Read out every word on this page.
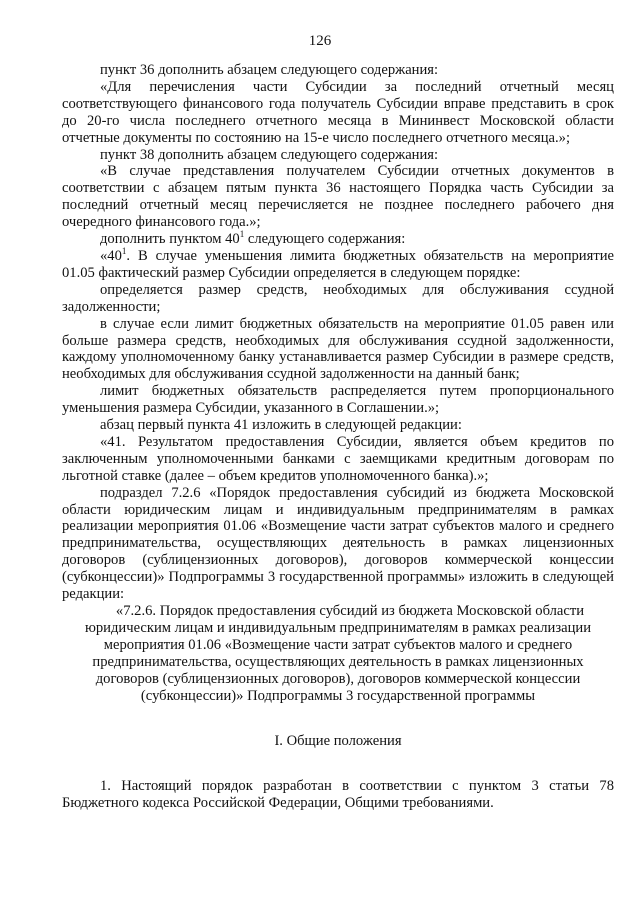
126

пункт 36 дополнить абзацем следующего содержания:

«Для перечисления части Субсидии за последний отчетный месяц соответствующего финансового года получатель Субсидии вправе представить в срок до 20-го числа последнего отчетного месяца в Мининвест Московской области отчетные документы по состоянию на 15-е число последнего отчетного месяца.»;

пункт 38 дополнить абзацем следующего содержания:

«В случае представления получателем Субсидии отчетных документов в соответствии с абзацем пятым пункта 36 настоящего Порядка часть Субсидии за последний отчетный месяц перечисляется не позднее последнего рабочего дня очередного финансового года.»;

дополнить пунктом $40^1$ следующего содержания:

«$40^1$. В случае уменьшения лимита бюджетных обязательств на мероприятие 01.05 фактический размер Субсидии определяется в следующем порядке:

определяется размер средств, необходимых для обслуживания ссудной задолженности;

в случае если лимит бюджетных обязательств на мероприятие 01.05 равен или больше размера средств, необходимых для обслуживания ссудной задолженности, каждому уполномоченному банку устанавливается размер Субсидии в размере средств, необходимых для обслуживания ссудной задолженности на данный банк;

лимит бюджетных обязательств распределяется путем пропорционального уменьшения размера Субсидии, указанного в Соглашении.»;

абзац первый пункта 41 изложить в следующей редакции:

«41. Результатом предоставления Субсидии, является объем кредитов по заключенным уполномоченными банками с заемщиками кредитным договорам по льготной ставке (далее – объем кредитов уполномоченного банка).»;

подраздел 7.2.6 «Порядок предоставления субсидий из бюджета Московской области юридическим лицам и индивидуальным предпринимателям в рамках реализации мероприятия 01.06 «Возмещение части затрат субъектов малого и среднего предпринимательства, осуществляющих деятельность в рамках лицензионных договоров (сублицензионных договоров), договоров коммерческой концессии (субконцессии)» Подпрограммы 3 государственной программы» изложить в следующей редакции:

«7.2.6. Порядок предоставления субсидий из бюджета Московской области юридическим лицам и индивидуальным предпринимателям в рамках реализации мероприятия 01.06 «Возмещение части затрат субъектов малого и среднего предпринимательства, осуществляющих деятельность в рамках лицензионных договоров (сублицензионных договоров), договоров коммерческой концессии (субконцессии)» Подпрограммы 3 государственной программы

I. Общие положения

1. Настоящий порядок разработан в соответствии с пунктом 3 статьи 78 Бюджетного кодекса Российской Федерации, Общими требованиями.
